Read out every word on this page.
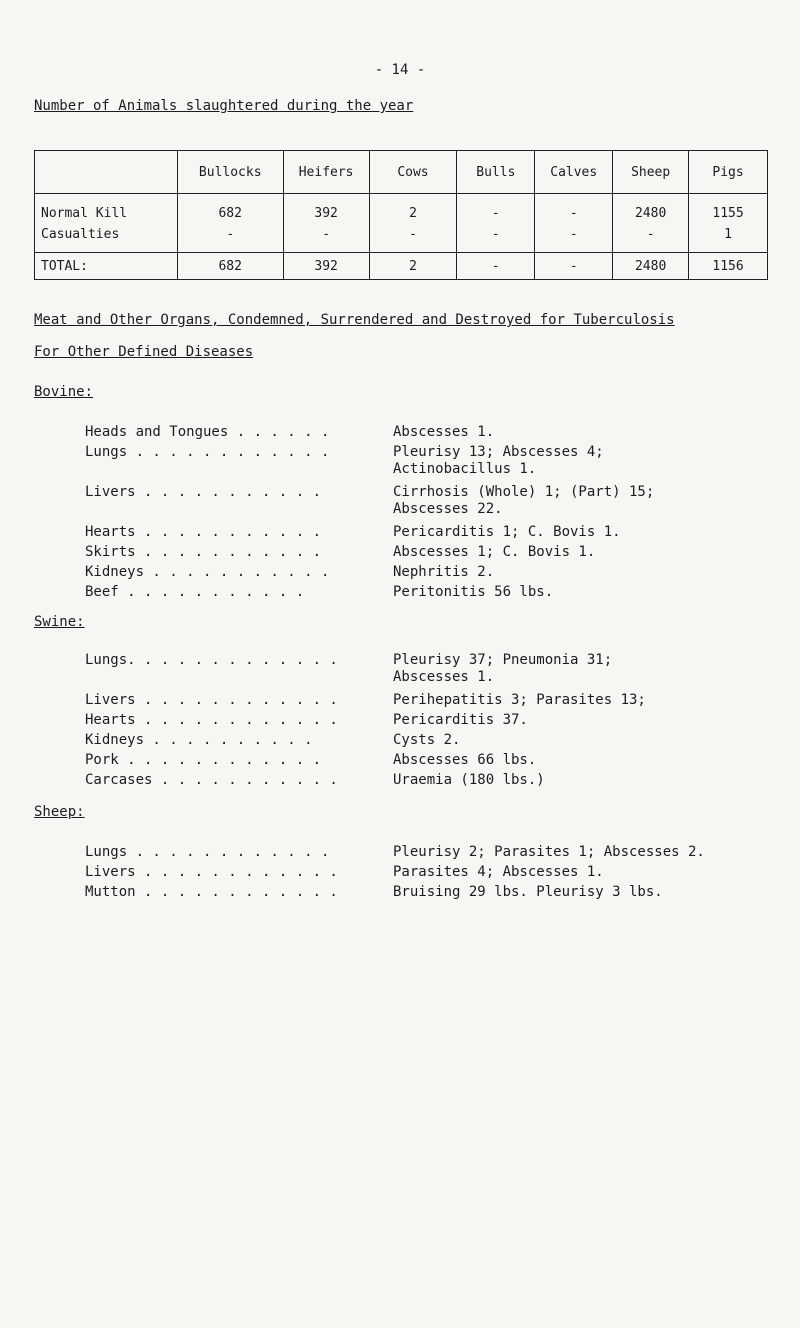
- 14 -
Number of Animals slaughtered during the year
	Bullocks	Heifers	Cows	Bulls	Calves	Sheep	Pigs
Normal Kill	682	392	2	-	-	2480	1155
Casualties	-	-	-	-	-	-	1
TOTAL:	682	392	2	-	-	2480	1156
Meat and Other Organs, Condemned, Surrendered and Destroyed for Tuberculosis
For Other Defined Diseases
Bovine:
Heads and Tongues . . . . . .	Abscesses 1.
Lungs . . . . . . . . . . . .	Pleurisy 13; Abscesses 4;
Actinobacillus 1.
Livers . . . . . . . . . . .	Cirrhosis (Whole) 1; (Part) 15;
Abscesses 22.
Hearts . . . . . . . . . . .	Pericarditis 1; C. Bovis 1.
Skirts . . . . . . . . . . .	Abscesses 1; C. Bovis 1.
Kidneys . . . . . . . . . . .	Nephritis 2.
Beef . . . . . . . . . . .	Peritonitis 56 lbs.
Swine:
Lungs. . . . . . . . . . . . .	Pleurisy 37; Pneumonia 31;
Abscesses 1.
Livers . . . . . . . . . . . .	Perihepatitis 3; Parasites 13;
Hearts . . . . . . . . . . . .	Pericarditis 37.
Kidneys . . . . . . . . . .	Cysts 2.
Pork . . . . . . . . . . . .	Abscesses 66 lbs.
Carcases . . . . . . . . . . .	Uraemia (180 lbs.)
Sheep:
Lungs . . . . . . . . . . . .	Pleurisy 2; Parasites 1; Abscesses 2.
Livers . . . . . . . . . . . .	Parasites 4; Abscesses 1.
Mutton . . . . . . . . . . . .	Bruising 29 lbs. Pleurisy 3 lbs.
